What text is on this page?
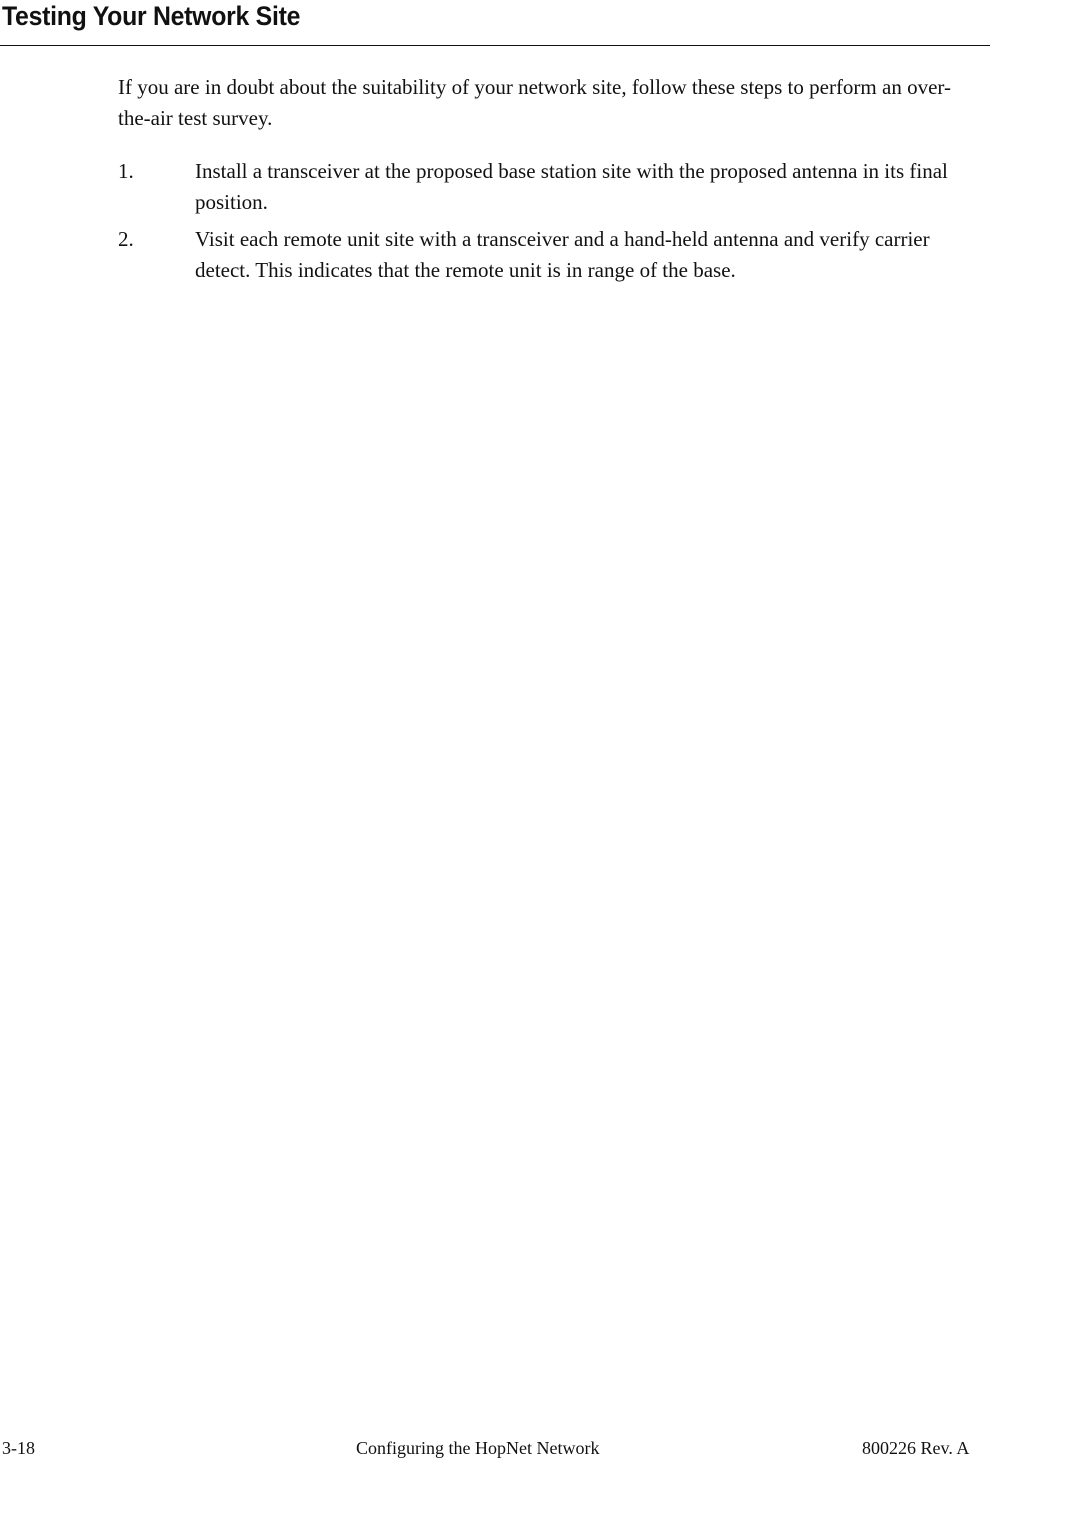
Testing Your Network Site

If you are in doubt about the suitability of your network site, follow these steps to perform an over-the-air test survey.

1.	Install a transceiver at the proposed base station site with the proposed antenna in its final position.
2.	Visit each remote unit site with a transceiver and a hand-held antenna and verify carrier detect. This indicates that the remote unit is in range of the base.
3-18	Configuring the HopNet Network	800226 Rev. A
